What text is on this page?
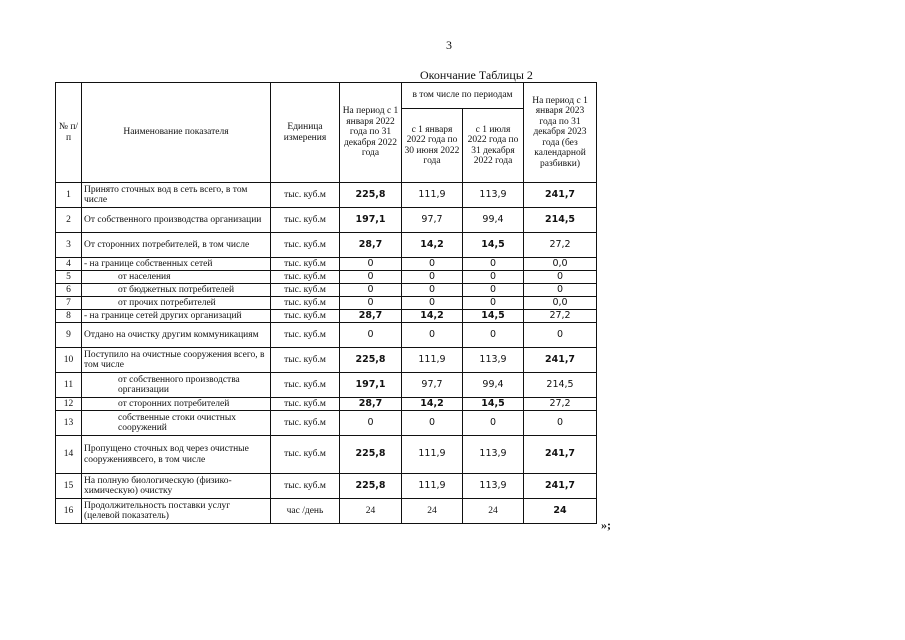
3
Окончание Таблицы 2
№ п/п	Наименование показателя	Единица измерения	На период с 1 января 2022 года по 31 декабря 2022 года	в том числе по периодам		На период с 1 января 2023 года по 31 декабря 2023 года (без календарной разбивки)
				с 1 января 2022 года по 30 июня 2022 года	с 1 июля 2022 года по 31 декабря 2022 года	
1	Принято сточных вод в сеть всего, в том числе	тыс. куб.м	225,8	111,9	113,9	241,7
2	От собственного производства организации	тыс. куб.м	197,1	97,7	99,4	214,5
3	От сторонних потребителей, в том числе	тыс. куб.м	28,7	14,2	14,5	27,2
4	- на границе собственных сетей	тыс. куб.м	0	0	0	0,0
5	от населения	тыс. куб.м	0	0	0	0
6	от бюджетных потребителей	тыс. куб.м	0	0	0	0
7	от прочих потребителей	тыс. куб.м	0	0	0	0,0
8	- на границе сетей других организаций	тыс. куб.м	28,7	14,2	14,5	27,2
9	Отдано на очистку другим коммуникациям	тыс. куб.м	0	0	0	0
10	Поступило на очистные сооружения всего, в том числе	тыс. куб.м	225,8	111,9	113,9	241,7
11	от собственного производства организации	тыс. куб.м	197,1	97,7	99,4	214,5
12	от сторонних потребителей	тыс. куб.м	28,7	14,2	14,5	27,2
13	собственные стоки очистных сооружений	тыс. куб.м	0	0	0	0
14	Пропущено сточных вод через очистные сооружениявсего, в том числе	тыс. куб.м	225,8	111,9	113,9	241,7
15	На полную биологическую (физико-химическую) очистку	тыс. куб.м	225,8	111,9	113,9	241,7
16	Продолжительность поставки услуг (целевой показатель)	час /день	24	24	24	24
»;
